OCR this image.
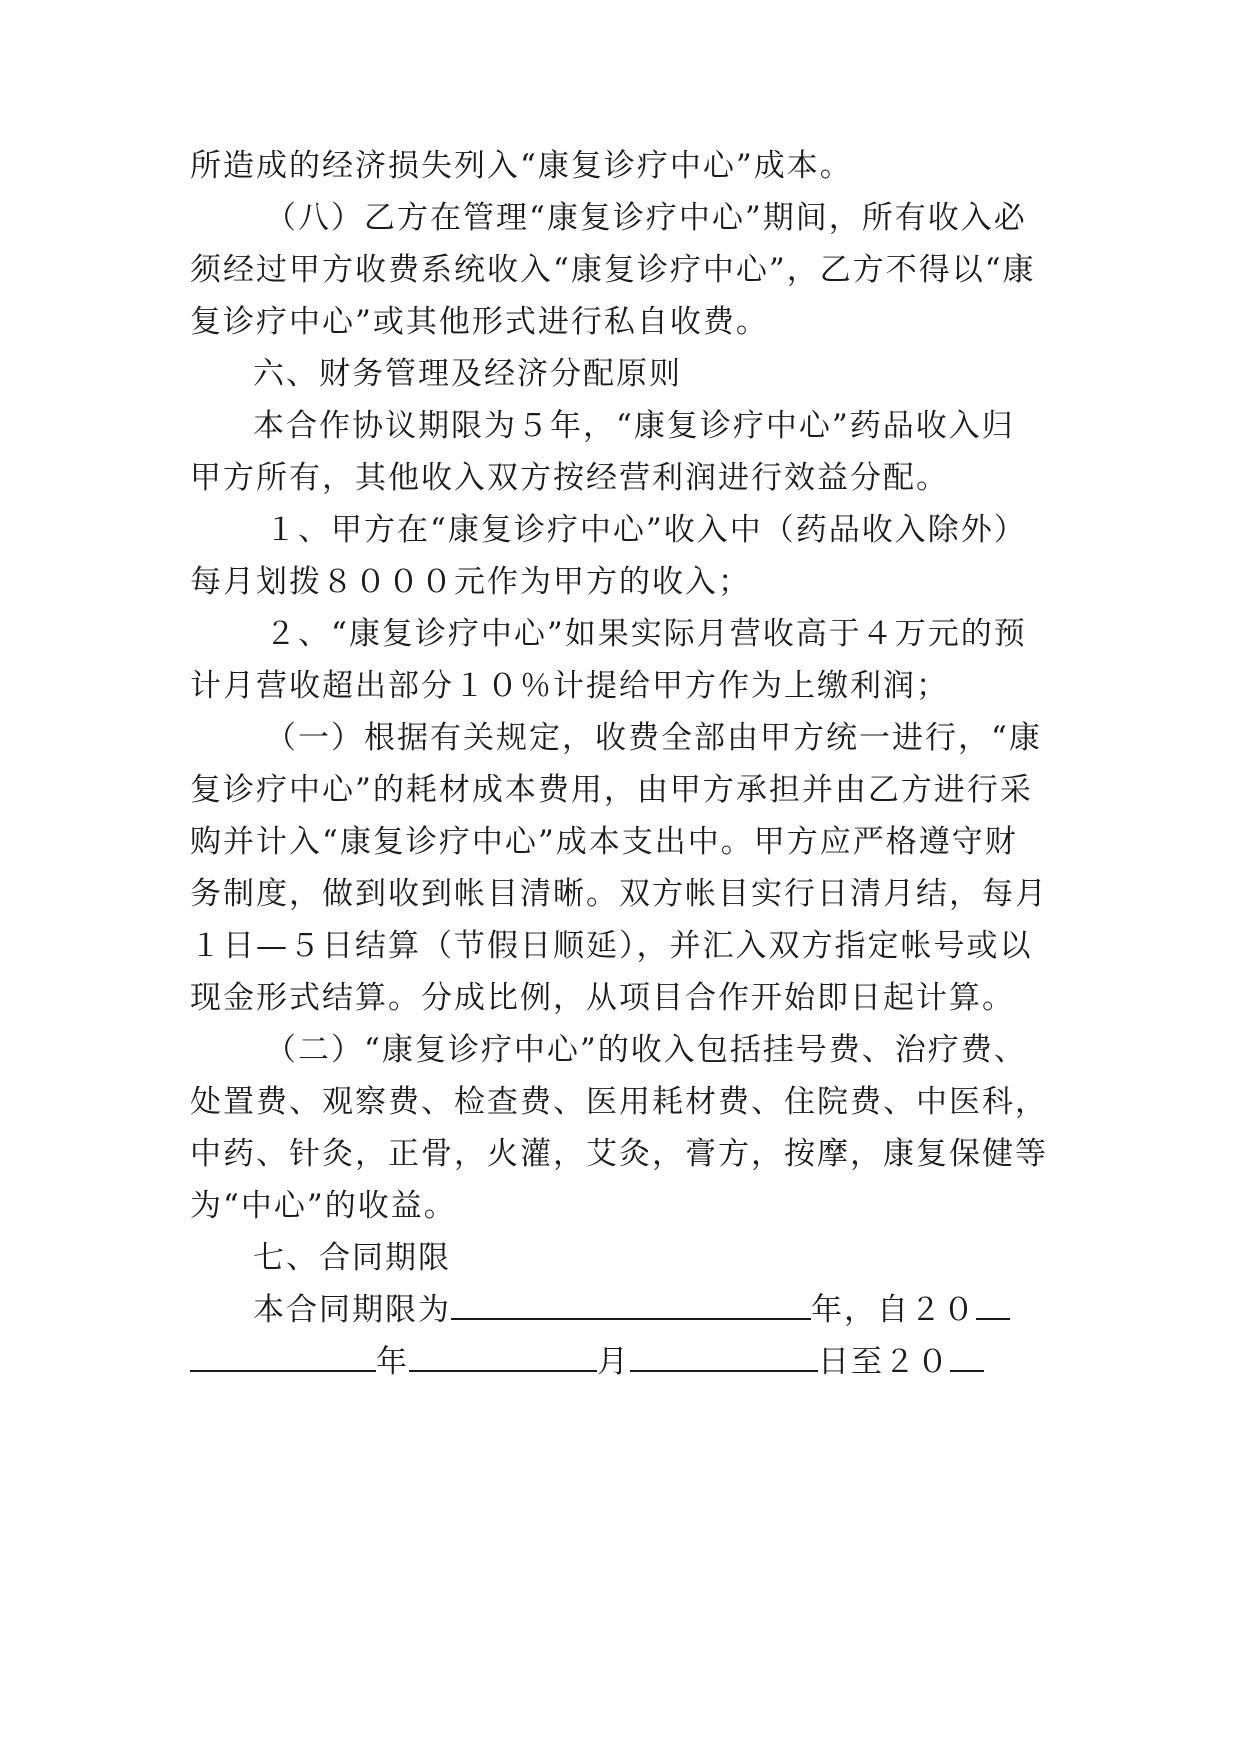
所造成的经济损失列入“康复诊疗中心”成本。
（八）乙方在管理“康复诊疗中心”期间，所有收入必
须经过甲方收费系统收入“康复诊疗中心”，乙方不得以“康
复诊疗中心”或其他形式进行私自收费。
六、财务管理及经济分配原则
本合作协议期限为５年，“康复诊疗中心”药品收入归
甲方所有，其他收入双方按经营利润进行效益分配。
１、甲方在“康复诊疗中心”收入中（药品收入除外）
每月划拨８０００元作为甲方的收入；
２、“康复诊疗中心”如果实际月营收高于４万元的预
计月营收超出部分１０％计提给甲方作为上缴利润；
（一）根据有关规定，收费全部由甲方统一进行，“康
复诊疗中心”的耗材成本费用，由甲方承担并由乙方进行采
购并计入“康复诊疗中心”成本支出中。甲方应严格遵守财
务制度，做到收到帐目清晰。双方帐目实行日清月结，每月
１日—５日结算（节假日顺延），并汇入双方指定帐号或以
现金形式结算。分成比例，从项目合作开始即日起计算。
（二）“康复诊疗中心”的收入包括挂号费、治疗费、
处置费、观察费、检查费、医用耗材费、住院费、中医科，
中药、针灸，正骨，火灌，艾灸，膏方，按摩，康复保健等
为“中心”的收益。
七、合同期限
本合同期限为	年，自２０
年	月	日至２０
